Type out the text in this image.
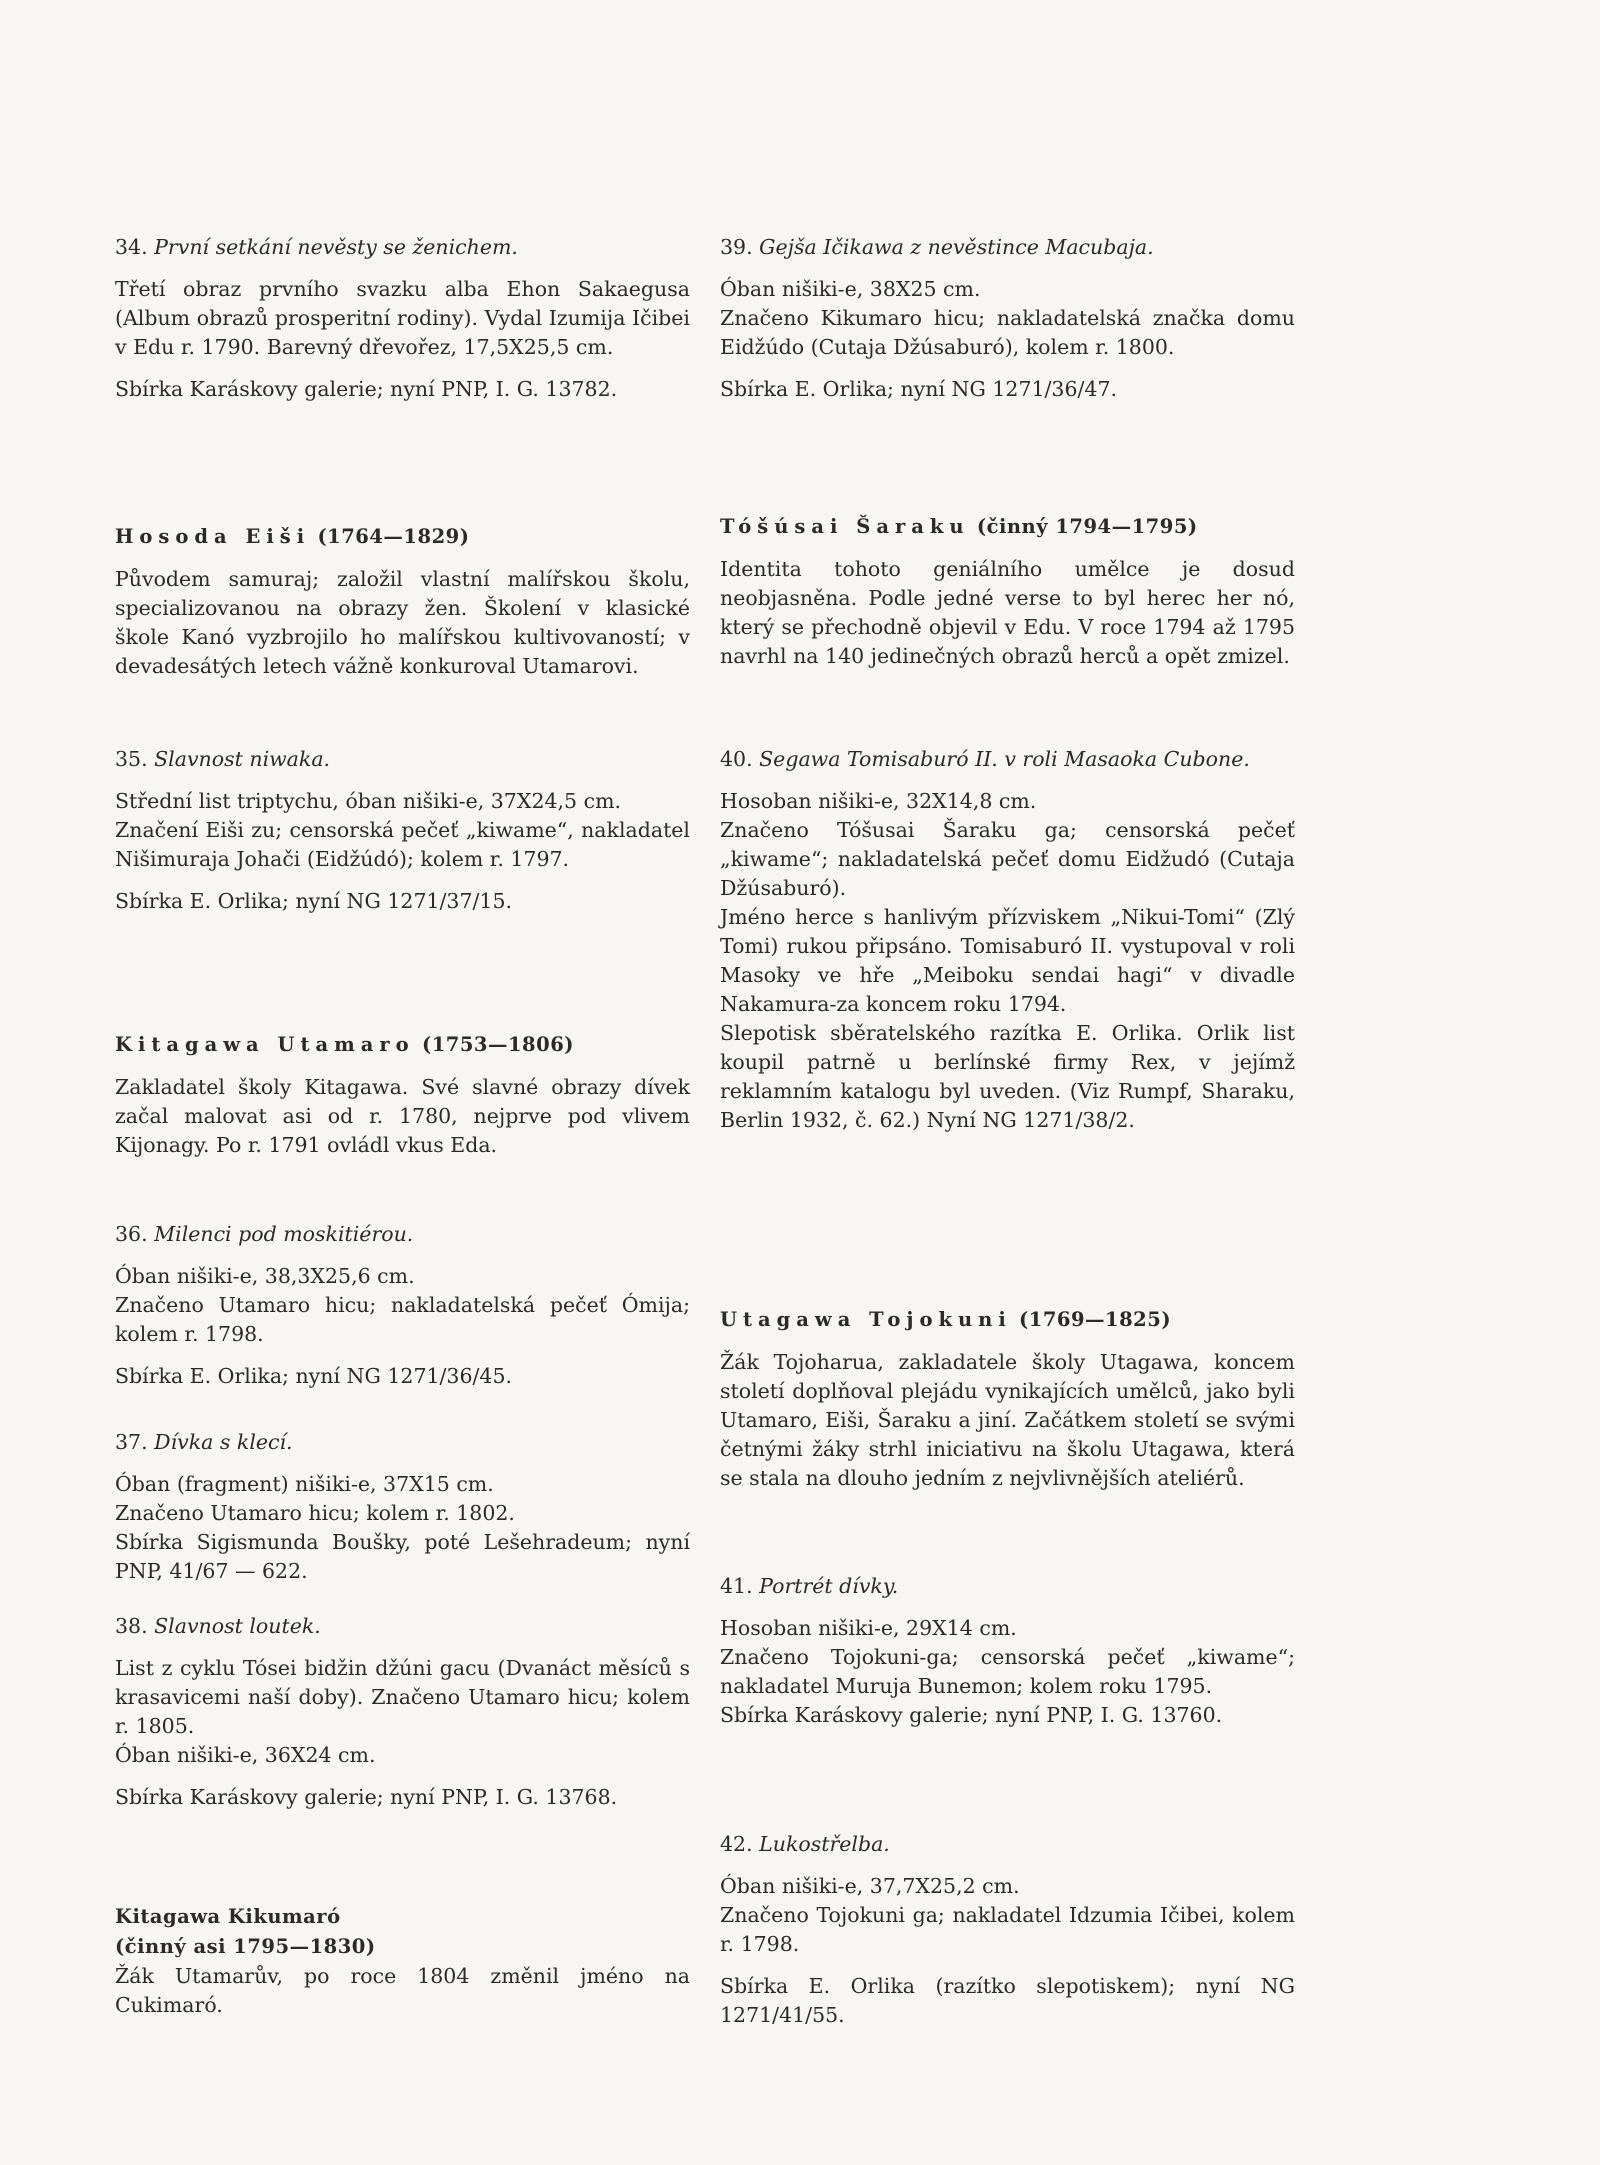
34. První setkání nevěsty se ženichem.

Třetí obraz prvního svazku alba Ehon Sakaegusa (Album obrazů prosperitní rodiny). Vydal Izumija Ičibei v Edu r. 1790. Barevný dřevořez, 17,5X25,5 cm.

Sbírka Karáskovy galerie; nyní PNP, I. G. 13782.

Hosoda Eiši (1764—1829)

Původem samuraj; založil vlastní malířskou školu, specializovanou na obrazy žen. Školení v klasické škole Kanó vyzbrojilo ho malířskou kultivovaností; v devadesátých letech vážně konkuroval Utamarovi.

35. Slavnost niwaka.

Střední list triptychu, óban nišiki-e, 37X24,5 cm.

Značení Eiši zu; censorská pečeť „kiwame“, nakladatel Nišimuraja Johači (Eidžúdó); kolem r. 1797.

Sbírka E. Orlika; nyní NG 1271/37/15.

Kitagawa Utamaro (1753—1806)

Zakladatel školy Kitagawa. Své slavné obrazy dívek začal malovat asi od r. 1780, nejprve pod vlivem Kijonagy. Po r. 1791 ovládl vkus Eda.

36. Milenci pod moskitiérou.

Óban nišiki-e, 38,3X25,6 cm.

Značeno Utamaro hicu; nakladatelská pečeť Ómija; kolem r. 1798.

Sbírka E. Orlika; nyní NG 1271/36/45.

37. Dívka s klecí.

Óban (fragment) nišiki-e, 37X15 cm.

Značeno Utamaro hicu; kolem r. 1802.

Sbírka Sigismunda Boušky, poté Lešehradeum; nyní PNP, 41/67 — 622.

38. Slavnost loutek.

List z cyklu Tósei bidžin džúni gacu (Dvanáct měsíců s krasavicemi naší doby). Značeno Utamaro hicu; kolem r. 1805.

Óban nišiki-e, 36X24 cm.

Sbírka Karáskovy galerie; nyní PNP, I. G. 13768.

Kitagawa Kikumaró

(činný asi 1795—1830)

Žák Utamarův, po roce 1804 změnil jméno na Cukimaró.

39. Gejša Ičikawa z nevěstince Macubaja.

Óban nišiki-e, 38X25 cm.

Značeno Kikumaro hicu; nakladatelská značka domu Eidžúdo (Cutaja Džúsaburó), kolem r. 1800.

Sbírka E. Orlika; nyní NG 1271/36/47.

Tóšúsai Šaraku (činný 1794—1795)

Identita tohoto geniálního umělce je dosud neobjasněna. Podle jedné verse to byl herec her nó, který se přechodně objevil v Edu. V roce 1794 až 1795 navrhl na 140 jedinečných obrazů herců a opět zmizel.

40. Segawa Tomisaburó II. v roli Masaoka Cubone.

Hosoban nišiki-e, 32X14,8 cm.

Značeno Tóšusai Šaraku ga; censorská pečeť „kiwame“; nakladatelská pečeť domu Eidžudó (Cutaja Džúsaburó).

Jméno herce s hanlivým přízviskem „Nikui-Tomi“ (Zlý Tomi) rukou připsáno. Tomisaburó II. vystupoval v roli Masoky ve hře „Meiboku sendai hagi“ v divadle Nakamura-za koncem roku 1794.

Slepotisk sběratelského razítka E. Orlika. Orlik list koupil patrně u berlínské firmy Rex, v jejímž reklamním katalogu byl uveden. (Viz Rumpf, Sharaku, Berlin 1932, č. 62.) Nyní NG 1271/38/2.

Utagawa Tojokuni (1769—1825)

Žák Tojoharua, zakladatele školy Utagawa, koncem století doplňoval plejádu vynikajících umělců, jako byli Utamaro, Eiši, Šaraku a jiní. Začátkem století se svými četnými žáky strhl iniciativu na školu Utagawa, která se stala na dlouho jedním z nejvlivnějších ateliérů.

41. Portrét dívky.

Hosoban nišiki-e, 29X14 cm.

Značeno Tojokuni-ga; censorská pečeť „kiwame“; nakladatel Muruja Bunemon; kolem roku 1795.

Sbírka Karáskovy galerie; nyní PNP, I. G. 13760.

42. Lukostřelba.

Óban nišiki-e, 37,7X25,2 cm.

Značeno Tojokuni ga; nakladatel Idzumia Ičibei, kolem r. 1798.

Sbírka E. Orlika (razítko slepotiskem); nyní NG 1271/41/55.
